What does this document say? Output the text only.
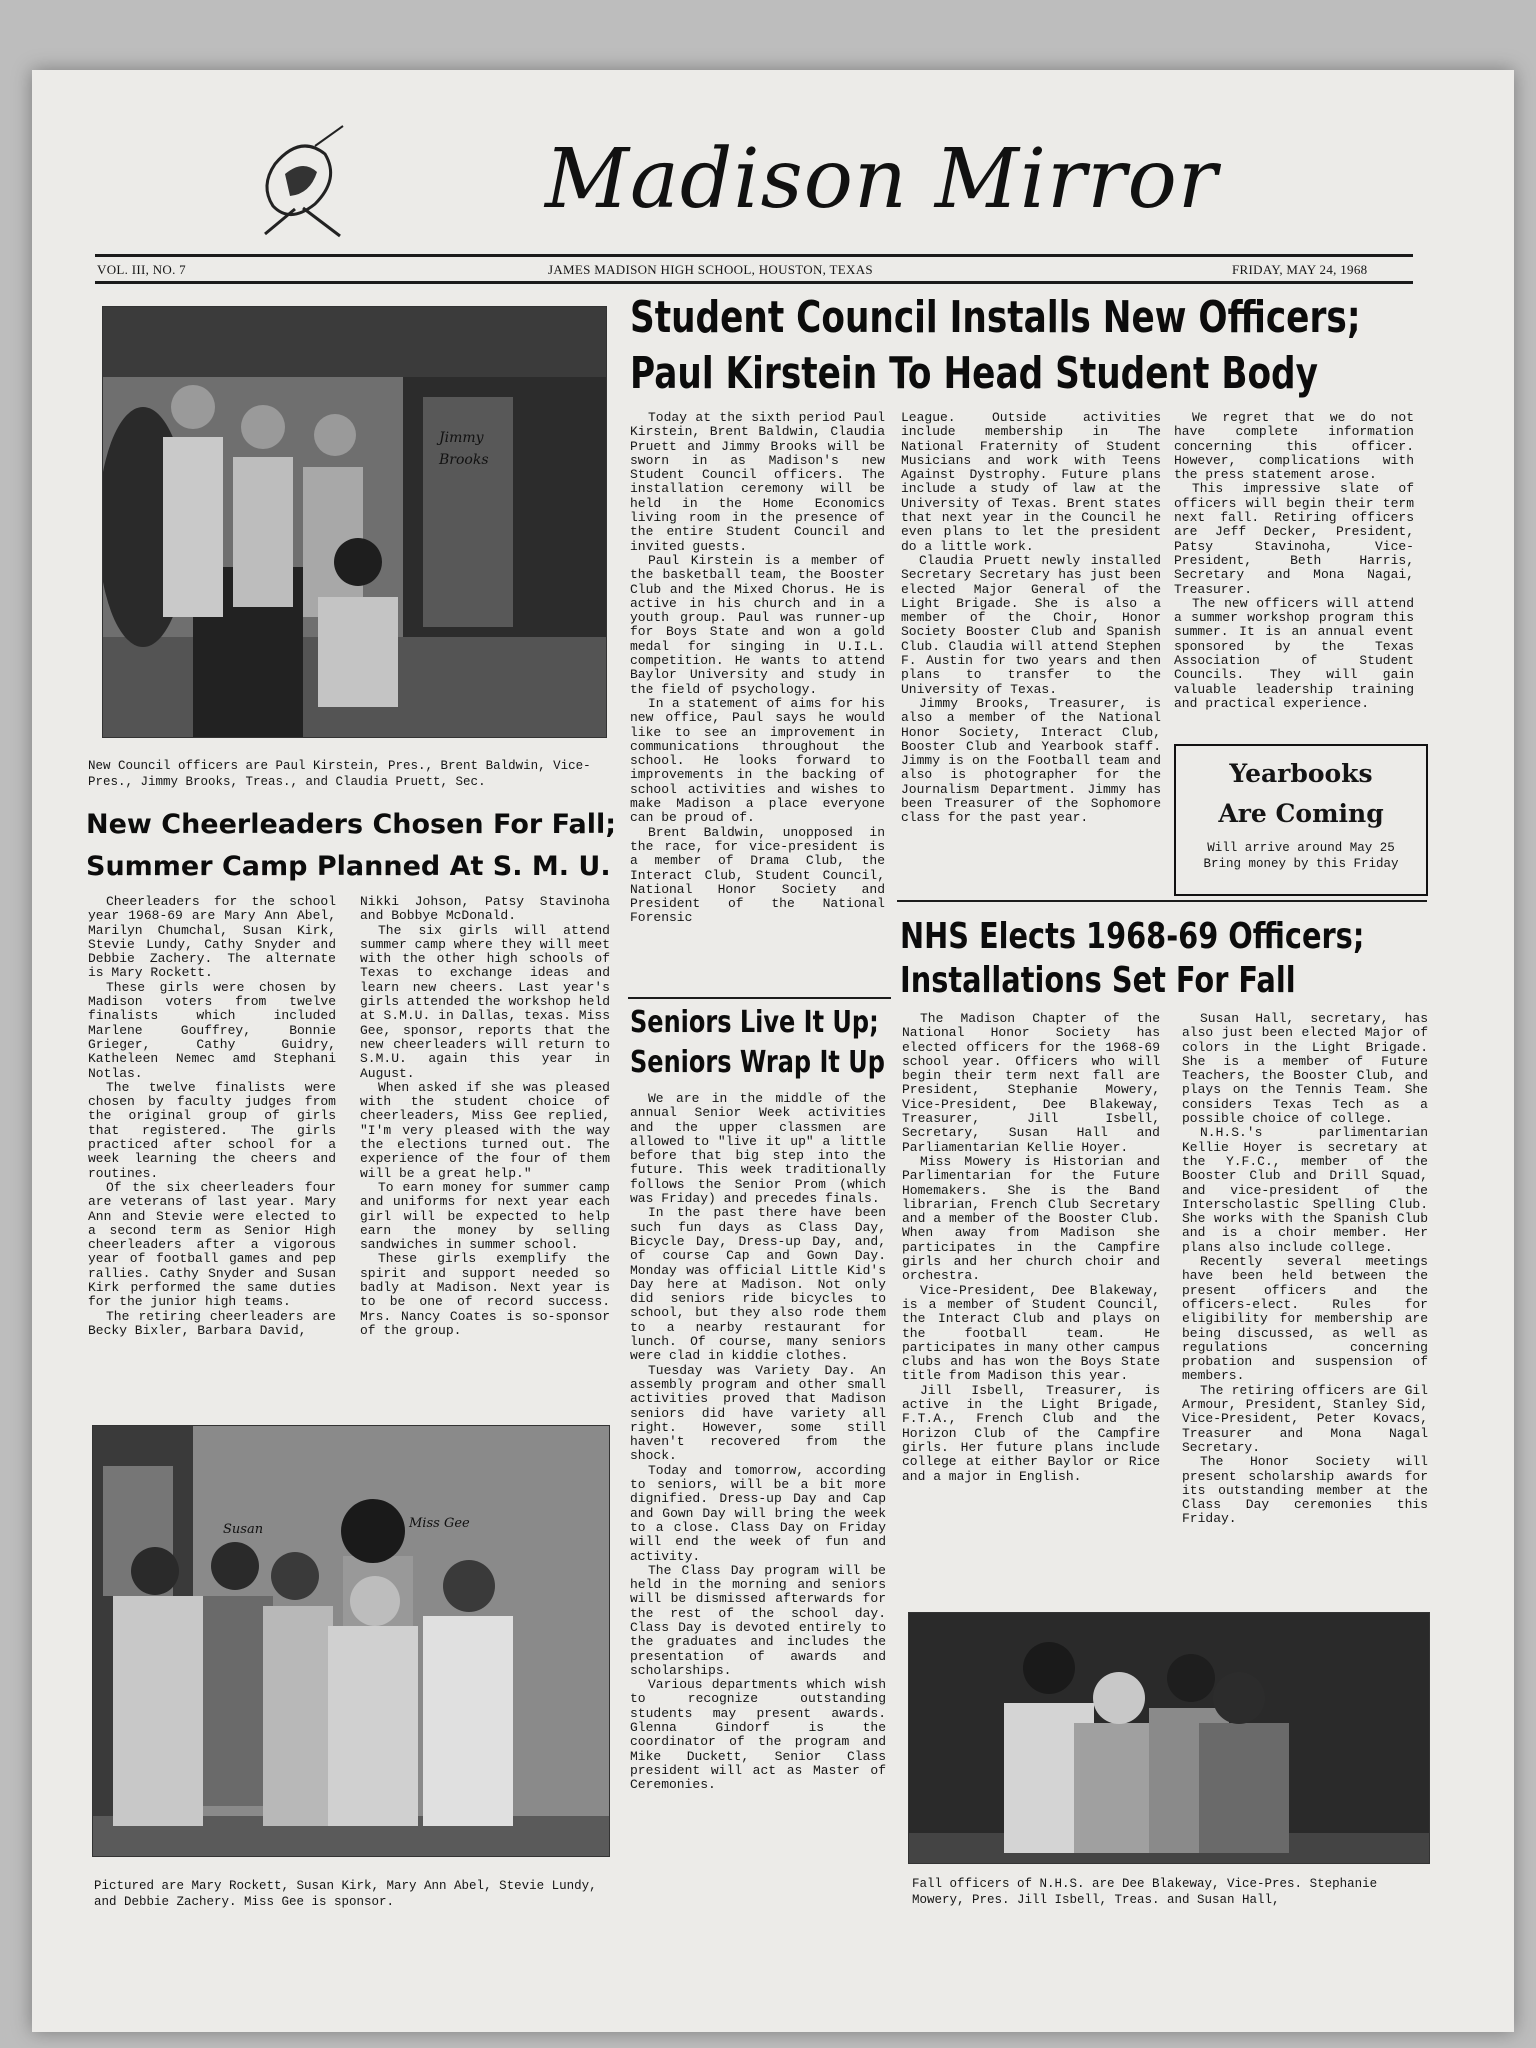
Madison Mirror
VOL. III, NO. 7	JAMES MADISON HIGH SCHOOL, HOUSTON, TEXAS	FRIDAY, MAY 24, 1968
Jimmy Brooks
New Council officers are Paul Kirstein, Pres., Brent Baldwin, Vice-Pres., Jimmy Brooks, Treas., and Claudia Pruett, Sec.
Student Council Installs New Officers;
Paul Kirstein To Head Student Body

Today at the sixth period Paul Kirstein, Brent Baldwin, Claudia Pruett and Jimmy Brooks will be sworn in as Madison's new Student Council officers. The installation ceremony will be held in the Home Economics living room in the presence of the entire Student Council and invited guests.

Paul Kirstein is a member of the basketball team, the Booster Club and the Mixed Chorus. He is active in his church and in a youth group. Paul was runner-up for Boys State and won a gold medal for singing in U.I.L. competition. He wants to attend Baylor University and study in the field of psychology.

In a statement of aims for his new office, Paul says he would like to see an improvement in communications throughout the school. He looks forward to improvements in the backing of school activities and wishes to make Madison a place everyone can be proud of.

Brent Baldwin, unopposed in the race, for vice-president is a member of Drama Club, the Interact Club, Student Council, National Honor Society and President of the National Forensic

League. Outside activities include membership in The National Fraternity of Student Musicians and work with Teens Against Dystrophy. Future plans include a study of law at the University of Texas. Brent states that next year in the Council he even plans to let the president do a little work.

Claudia Pruett newly installed Secretary Secretary has just been elected Major General of the Light Brigade. She is also a member of the Choir, Honor Society Booster Club and Spanish Club. Claudia will attend Stephen F. Austin for two years and then plans to transfer to the University of Texas.

Jimmy Brooks, Treasurer, is also a member of the National Honor Society, Interact Club, Booster Club and Yearbook staff. Jimmy is on the Football team and also is photographer for the Journalism Department. Jimmy has been Treasurer of the Sophomore class for the past year.

We regret that we do not have complete information concerning this officer. However, complications with the press statement arose.

This impressive slate of officers will begin their term next fall. Retiring officers are Jeff Decker, President, Patsy Stavinoha, Vice-President, Beth Harris, Secretary and Mona Nagai, Treasurer.

The new officers will attend a summer workshop program this summer. It is an annual event sponsored by the Texas Association of Student Councils. They will gain valuable leadership training and practical experience.

Yearbooks
Are Coming
Will arrive around May 25
Bring money by this Friday
New Cheerleaders Chosen For Fall;
Summer Camp Planned At S. M. U.

Cheerleaders for the school year 1968-69 are Mary Ann Abel, Marilyn Chumchal, Susan Kirk, Stevie Lundy, Cathy Snyder and Debbie Zachery. The alternate is Mary Rockett.

These girls were chosen by Madison voters from twelve finalists which included Marlene Gouffrey, Bonnie Grieger, Cathy Guidry, Katheleen Nemec amd Stephani Notlas.

The twelve finalists were chosen by faculty judges from the original group of girls that registered. The girls practiced after school for a week learning the cheers and routines.

Of the six cheerleaders four are veterans of last year. Mary Ann and Stevie were elected to a second term as Senior High cheerleaders after a vigorous year of football games and pep rallies. Cathy Snyder and Susan Kirk performed the same duties for the junior high teams.

The retiring cheerleaders are Becky Bixler, Barbara David,

Nikki Johson, Patsy Stavinoha and Bobbye McDonald.

The six girls will attend summer camp where they will meet with the other high schools of Texas to exchange ideas and learn new cheers. Last year's girls attended the workshop held at S.M.U. in Dallas, texas. Miss Gee, sponsor, reports that the new cheerleaders will return to S.M.U. again this year in August.

When asked if she was pleased with the student choice of cheerleaders, Miss Gee replied, "I'm very pleased with the way the elections turned out. The experience of the four of them will be a great help."

To earn money for summer camp and uniforms for next year each girl will be expected to help earn the money by selling sandwiches in summer school.

These girls exemplify the spirit and support needed so badly at Madison. Next year is to be one of record success. Mrs. Nancy Coates is so-sponsor of the group.

Susan	Miss Gee
Pictured are Mary Rockett, Susan Kirk, Mary Ann Abel, Stevie Lundy, and Debbie Zachery. Miss Gee is sponsor.
Seniors Live It Up;
Seniors Wrap It Up

We are in the middle of the annual Senior Week activities and the upper classmen are allowed to "live it up" a little before that big step into the future. This week traditionally follows the Senior Prom (which was Friday) and precedes finals.

In the past there have been such fun days as Class Day, Bicycle Day, Dress-up Day, and, of course Cap and Gown Day. Monday was official Little Kid's Day here at Madison. Not only did seniors ride bicycles to school, but they also rode them to a nearby restaurant for lunch. Of course, many seniors were clad in kiddie clothes.

Tuesday was Variety Day. An assembly program and other small activities proved that Madison seniors did have variety all right. However, some still haven't recovered from the shock.

Today and tomorrow, according to seniors, will be a bit more dignified. Dress-up Day and Cap and Gown Day will bring the week to a close. Class Day on Friday will end the week of fun and activity.

The Class Day program will be held in the morning and seniors will be dismissed afterwards for the rest of the school day. Class Day is devoted entirely to the graduates and includes the presentation of awards and scholarships.

Various departments which wish to recognize outstanding students may present awards. Glenna Gindorf is the coordinator of the program and Mike Duckett, Senior Class president will act as Master of Ceremonies.

NHS Elects 1968-69 Officers;
Installations Set For Fall

The Madison Chapter of the National Honor Society has elected officers for the 1968-69 school year. Officers who will begin their term next fall are President, Stephanie Mowery, Vice-President, Dee Blakeway, Treasurer, Jill Isbell, Secretary, Susan Hall and Parliamentarian Kellie Hoyer.

Miss Mowery is Historian and Parlimentarian for the Future Homemakers. She is the Band librarian, French Club Secretary and a member of the Booster Club. When away from Madison she participates in the Campfire girls and her church choir and orchestra.

Vice-President, Dee Blakeway, is a member of Student Council, the Interact Club and plays on the football team. He participates in many other campus clubs and has won the Boys State title from Madison this year.

Jill Isbell, Treasurer, is active in the Light Brigade, F.T.A., French Club and the Horizon Club of the Campfire girls. Her future plans include college at either Baylor or Rice and a major in English.

Susan Hall, secretary, has also just been elected Major of colors in the Light Brigade. She is a member of Future Teachers, the Booster Club, and plays on the Tennis Team. She considers Texas Tech as a possible choice of college.

N.H.S.'s parlimentarian Kellie Hoyer is secretary at the Y.F.C., member of the Booster Club and Drill Squad, and vice-president of the Interscholastic Spelling Club. She works with the Spanish Club and is a choir member. Her plans also include college.

Recently several meetings have been held between the present officers and the officers-elect. Rules for eligibility for membership are being discussed, as well as regulations concerning probation and suspension of members.

The retiring officers are Gil Armour, President, Stanley Sid, Vice-President, Peter Kovacs, Treasurer and Mona Nagal Secretary.

The Honor Society will present scholarship awards for its outstanding member at the Class Day ceremonies this Friday.

Fall officers of N.H.S. are Dee Blakeway, Vice-Pres. Stephanie Mowery, Pres. Jill Isbell, Treas. and Susan Hall,
